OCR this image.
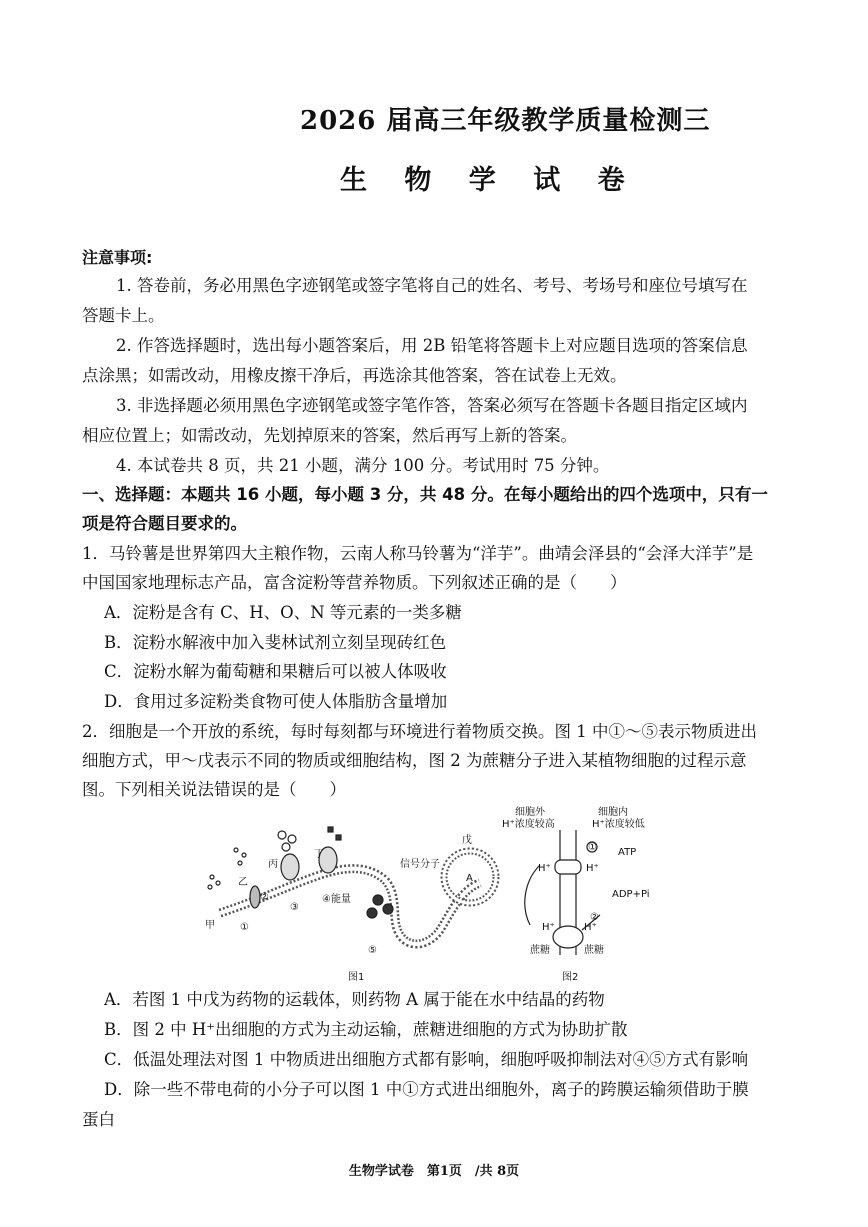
2026 届高三年级教学质量检测三
生 物 学 试 卷
注意事项:
1. 答卷前，务必用黑色字迹钢笔或签字笔将自己的姓名、考号、考场号和座位号填写在
答题卡上。
2. 作答选择题时，选出每小题答案后，用 2B 铅笔将答题卡上对应题目选项的答案信息
点涂黑；如需改动，用橡皮擦干净后，再选涂其他答案，答在试卷上无效。
3. 非选择题必须用黑色字迹钢笔或签字笔作答，答案必须写在答题卡各题目指定区域内
相应位置上；如需改动，先划掉原来的答案，然后再写上新的答案。
4. 本试卷共 8 页，共 21 小题，满分 100 分。考试用时 75 分钟。
一、选择题：本题共 16 小题，每小题 3 分，共 48 分。在每小题给出的四个选项中，只有一
项是符合题目要求的。
1．马铃薯是世界第四大主粮作物，云南人称马铃薯为“洋芋”。曲靖会泽县的“会泽大洋芋”是
中国国家地理标志产品，富含淀粉等营养物质。下列叙述正确的是（　　）
A．淀粉是含有 C、H、O、N 等元素的一类多糖
B．淀粉水解液中加入斐林试剂立刻呈现砖红色
C．淀粉水解为葡萄糖和果糖后可以被人体吸收
D．食用过多淀粉类食物可使人体脂肪含量增加
2．细胞是一个开放的系统，每时每刻都与环境进行着物质交换。图 1 中①～⑤表示物质进出
细胞方式，甲～戊表示不同的物质或细胞结构，图 2 为蔗糖分子进入某植物细胞的过程示意
图。下列相关说法错误的是（　　）
甲
乙
丙
丁
戊
A
④能量
信号分子
①
②
③
⑤
图1
细胞外
H⁺浓度较高
细胞内
H⁺浓度较低
H⁺	H⁺
ATP
ADP+Pi
①
②
H⁺	H⁺
蔗糖	蔗糖
图2
A．若图 1 中戊为药物的运载体，则药物 A 属于能在水中结晶的药物
B．图 2 中 H⁺出细胞的方式为主动运输，蔗糖进细胞的方式为协助扩散
C．低温处理法对图 1 中物质进出细胞方式都有影响，细胞呼吸抑制法对④⑤方式有影响
D．除一些不带电荷的小分子可以图 1 中①方式进出细胞外，离子的跨膜运输须借助于膜
蛋白
生物学试卷　第1页　/共 8页
